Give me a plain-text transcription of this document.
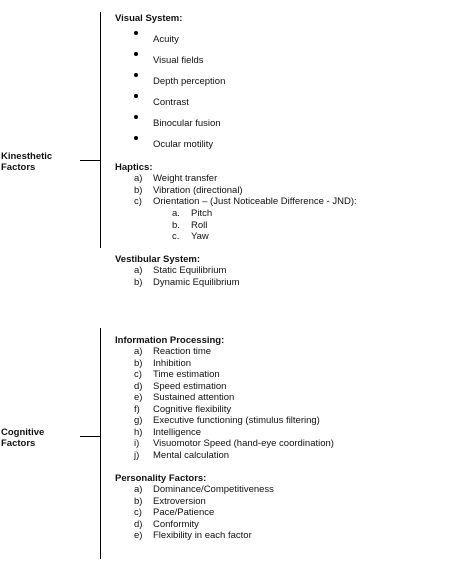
Kinesthetic
Factors
Visual System:
Acuity
Visual fields
Depth perception
Contrast
Binocular fusion
Ocular motility
Haptics:
a)	Weight transfer
b)	Vibration (directional)
c)	Orientation – (Just Noticeable Difference - JND):
a.	Pitch
b.	Roll
c.	Yaw
Vestibular System:
a)	Static Equilibrium
b)	Dynamic Equilibrium
Cognitive
Factors
Information Processing:
a)	Reaction time
b)	Inhibition
c)	Time estimation
d)	Speed estimation
e)	Sustained attention
f)	Cognitive flexibility
g)	Executive functioning (stimulus filtering)
h)	Intelligence
i)	Visuomotor Speed (hand-eye coordination)
j)	Mental calculation
Personality Factors:
a)	Dominance/Competitiveness
b)	Extroversion
c)	Pace/Patience
d)	Conformity
e)	Flexibility in each factor
